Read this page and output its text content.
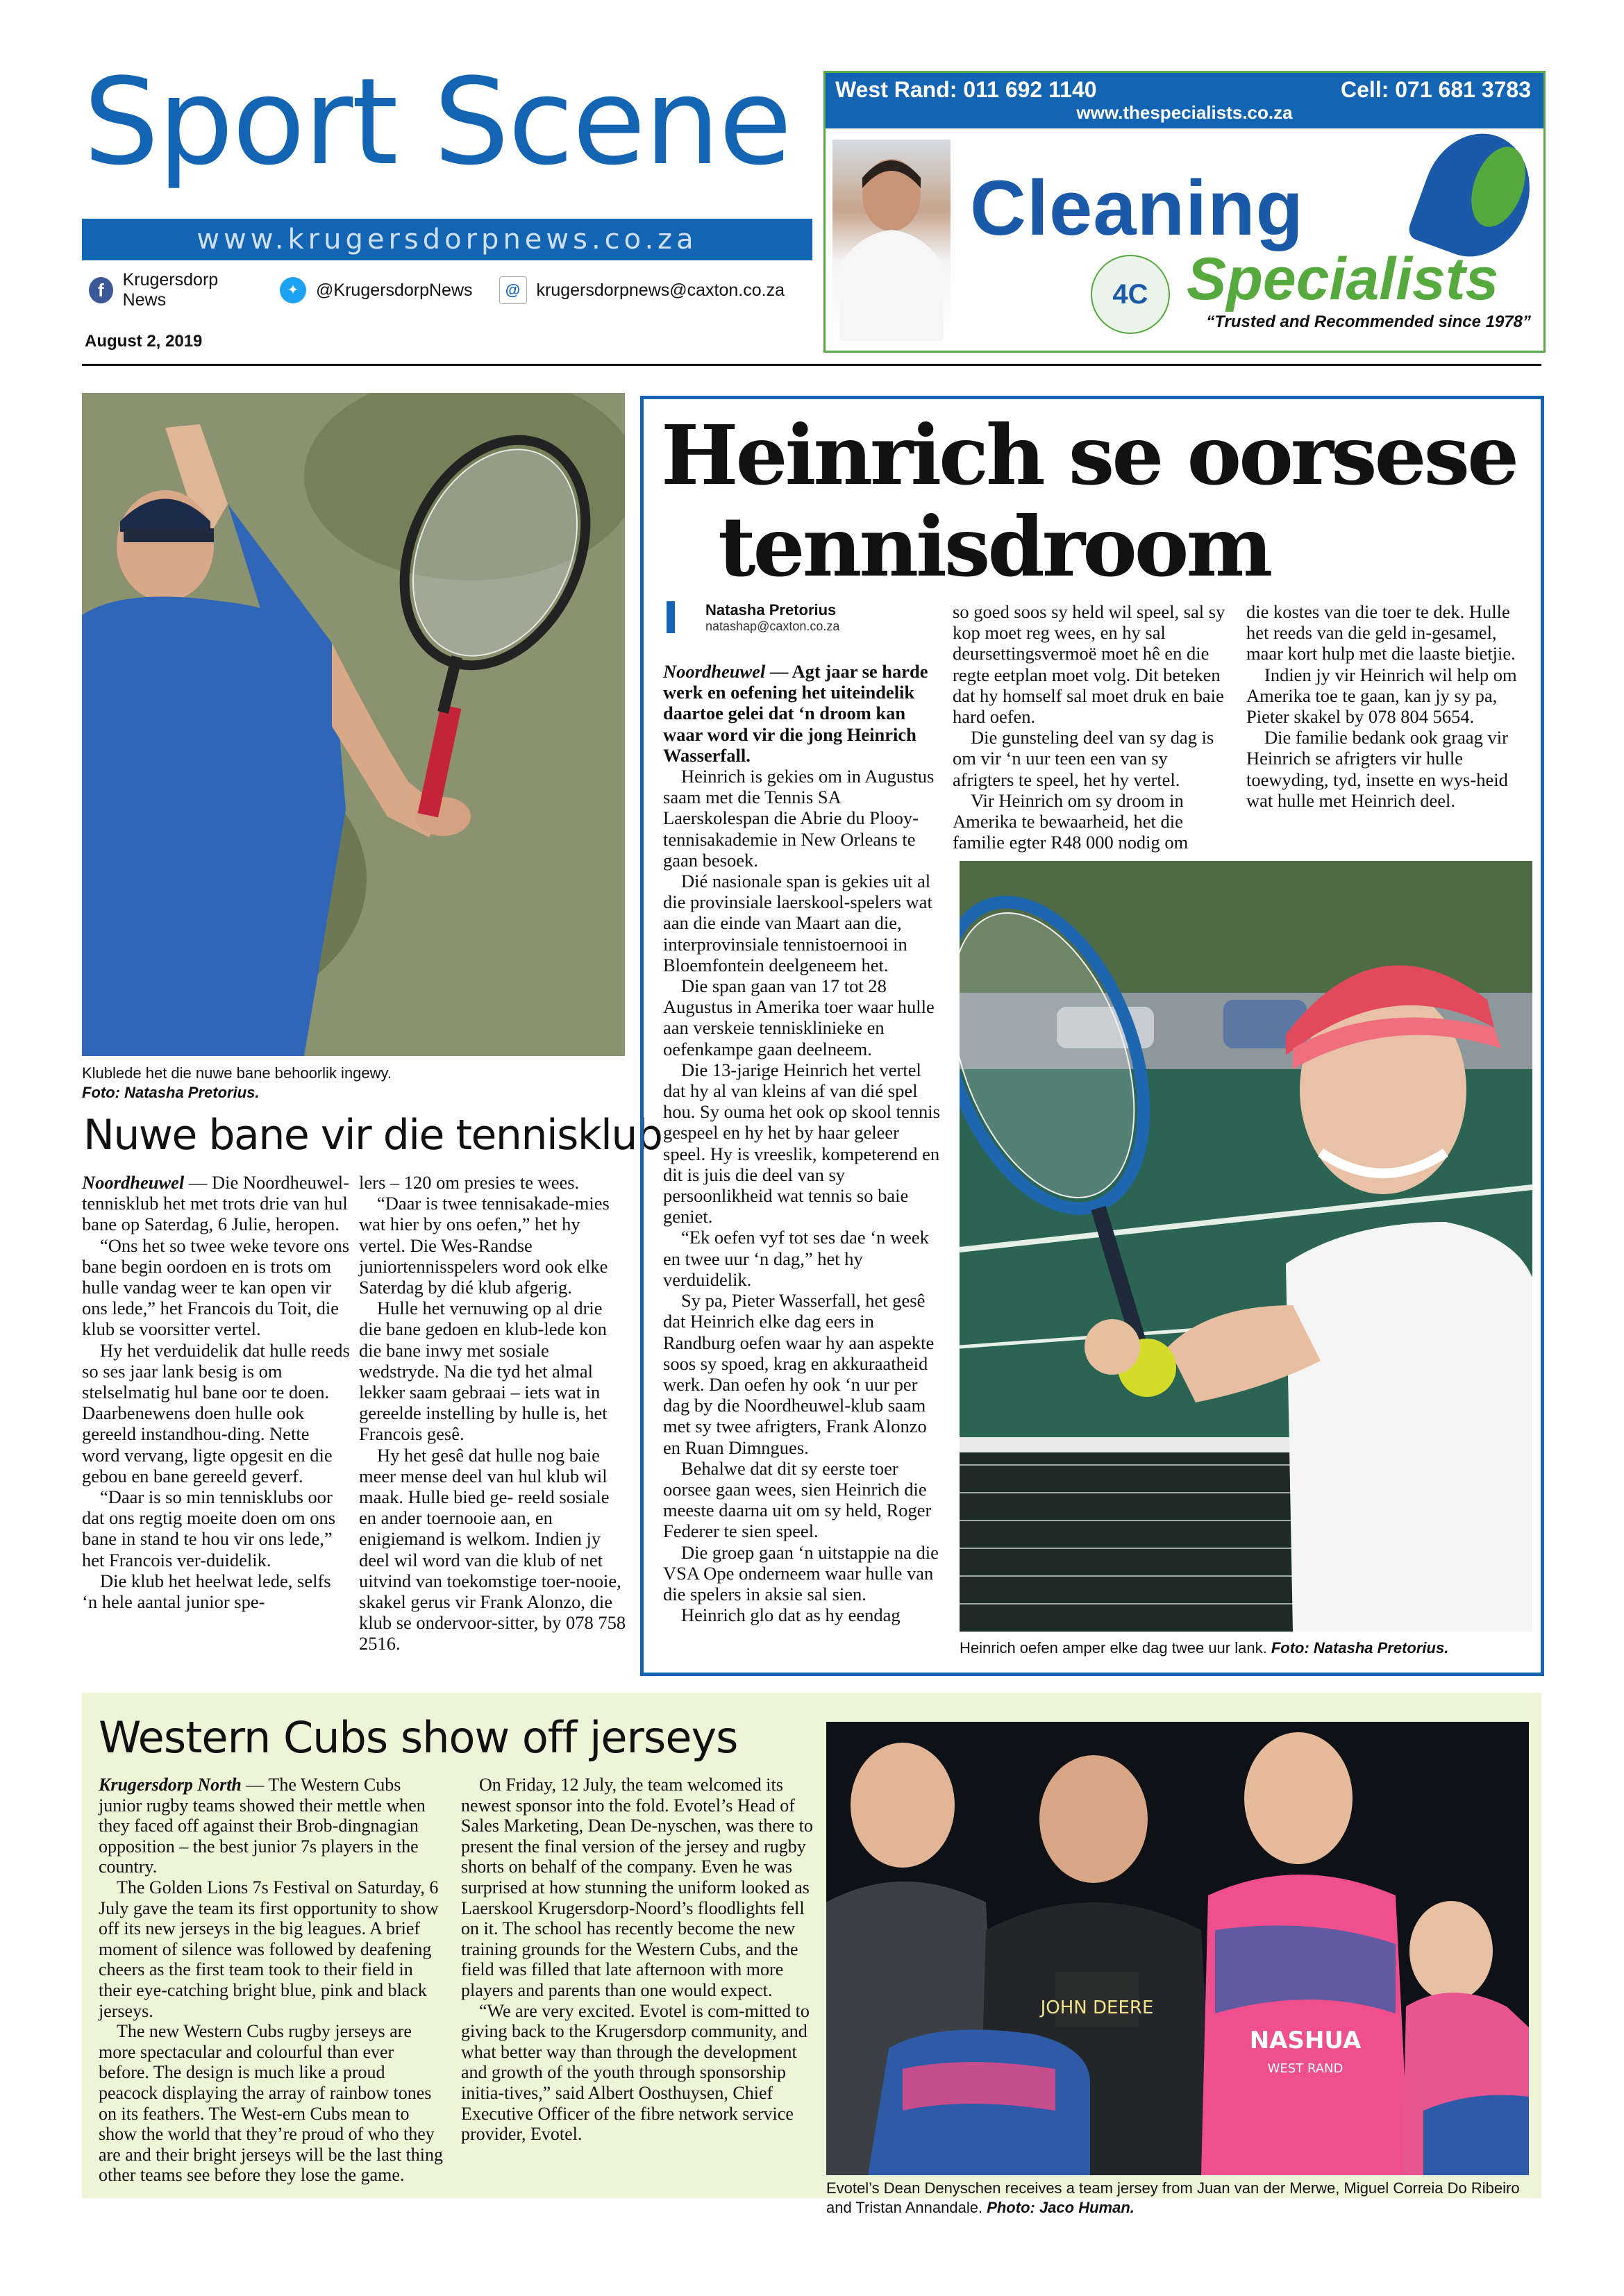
Sport Scene
www.krugersdorpnews.co.za
f	Krugersdorp News	✦ @KrugersdorpNews	@ krugersdorpnews@caxton.co.za
August 2, 2019
West Rand: 011 692 1140	Cell: 071 681 3783
www.thespecialists.co.za
Cleaning
4C Specialists
“Trusted and Recommended since 1978”
Klublede het die nuwe bane behoorlik ingewy.
Foto: Natasha Pretorius.
Nuwe bane vir die tennisklub

Noordheuwel — Die Noordheuwel-tennisklub het met trots drie van hul bane op Saterdag, 6 Julie, heropen.

“Ons het so twee weke tevore ons bane begin oordoen en is trots om hulle vandag weer te kan open vir ons lede,” het Francois du Toit, die klub se voorsitter vertel.

Hy het verduidelik dat hulle reeds so ses jaar lank besig is om stelselmatig hul bane oor te doen. Daarbenewens doen hulle ook gereeld instandhou-ding. Nette word vervang, ligte opgesit en die gebou en bane gereeld geverf.

“Daar is so min tennisklubs oor dat ons regtig moeite doen om ons bane in stand te hou vir ons lede,” het Francois ver-duidelik.

Die klub het heelwat lede, selfs ‘n hele aantal junior spe-

lers – 120 om presies te wees.

“Daar is twee tennisakade-mies wat hier by ons oefen,” het hy vertel. Die Wes-Randse juniortennisspelers word ook elke Saterdag by dié klub afgerig.

Hulle het vernuwing op al drie die bane gedoen en klub-lede kon die bane inwy met sosiale wedstryde. Na die tyd het almal lekker saam gebraai – iets wat in gereelde instelling by hulle is, het Francois gesê.

Hy het gesê dat hulle nog baie meer mense deel van hul klub wil maak. Hulle bied ge- reeld sosiale en ander toernooie aan, en enigiemand is welkom. Indien jy deel wil word van die klub of net uitvind van toekomstige toer-nooie, skakel gerus vir Frank Alonzo, die klub se ondervoor-sitter, by 078 758 2516.

Heinrich se oorsese
tennisdroom
Natasha Pretorius
natashap@caxton.co.za

Noordheuwel — Agt jaar se harde werk en oefening het uiteindelik daartoe gelei dat ‘n droom kan waar word vir die jong Heinrich Wasserfall.

Heinrich is gekies om in Augustus saam met die Tennis SA Laerskolespan die Abrie du Plooy-tennisakademie in New Orleans te gaan besoek.

Dié nasionale span is gekies uit al die provinsiale laerskool-spelers wat aan die einde van Maart aan die, interprovinsiale tennistoernooi in Bloemfontein deelgeneem het.

Die span gaan van 17 tot 28 Augustus in Amerika toer waar hulle aan verskeie tennisklinieke en oefenkampe gaan deelneem.

Die 13-jarige Heinrich het vertel dat hy al van kleins af van dié spel hou. Sy ouma het ook op skool tennis gespeel en hy het by haar geleer speel. Hy is vreeslik, kompeterend en dit is juis die deel van sy persoonlikheid wat tennis so baie geniet.

“Ek oefen vyf tot ses dae ‘n week en twee uur ‘n dag,” het hy verduidelik.

Sy pa, Pieter Wasserfall, het gesê dat Heinrich elke dag eers in Randburg oefen waar hy aan aspekte soos sy spoed, krag en akkuraatheid werk. Dan oefen hy ook ‘n uur per dag by die Noordheuwel-klub saam met sy twee afrigters, Frank Alonzo en Ruan Dimngues.

Behalwe dat dit sy eerste toer oorsee gaan wees, sien Heinrich die meeste daarna uit om sy held, Roger Federer te sien speel.

Die groep gaan ‘n uitstappie na die VSA Ope onderneem waar hulle van die spelers in aksie sal sien.

Heinrich glo dat as hy eendag

so goed soos sy held wil speel, sal sy kop moet reg wees, en hy sal deursettingsvermoë moet hê en die regte eetplan moet volg. Dit beteken dat hy homself sal moet druk en baie hard oefen.

Die gunsteling deel van sy dag is om vir ‘n uur teen een van sy afrigters te speel, het hy vertel.

Vir Heinrich om sy droom in Amerika te bewaarheid, het die familie egter R48 000 nodig om

die kostes van die toer te dek. Hulle het reeds van die geld in-gesamel, maar kort hulp met die laaste bietjie.

Indien jy vir Heinrich wil help om Amerika toe te gaan, kan jy sy pa, Pieter skakel by 078 804 5654.

Die familie bedank ook graag vir Heinrich se afrigters vir hulle toewyding, tyd, insette en wys-heid wat hulle met Heinrich deel.

Heinrich oefen amper elke dag twee uur lank. Foto: Natasha Pretorius.
Western Cubs show off jerseys

Krugersdorp North — The Western Cubs junior rugby teams showed their mettle when they faced off against their Brob-dingnagian opposition – the best junior 7s players in the country.

The Golden Lions 7s Festival on Saturday, 6 July gave the team its first opportunity to show off its new jerseys in the big leagues. A brief moment of silence was followed by deafening cheers as the first team took to their field in their eye-catching bright blue, pink and black jerseys.

The new Western Cubs rugby jerseys are more spectacular and colourful than ever before. The design is much like a proud peacock displaying the array of rainbow tones on its feathers. The West-ern Cubs mean to show the world that they’re proud of who they are and their bright jerseys will be the last thing other teams see before they lose the game.

On Friday, 12 July, the team welcomed its newest sponsor into the fold. Evotel’s Head of Sales Marketing, Dean De-nyschen, was there to present the final version of the jersey and rugby shorts on behalf of the company. Even he was surprised at how stunning the uniform looked as Laerskool Krugersdorp-Noord’s floodlights fell on it. The school has recently become the new training grounds for the Western Cubs, and the field was filled that late afternoon with more players and parents than one would expect.

“We are very excited. Evotel is com-mitted to giving back to the Krugersdorp community, and what better way than through the development and growth of the youth through sponsorship initia-tives,” said Albert Oosthuysen, Chief Executive Officer of the fibre network service provider, Evotel.

JOHN DEERE
NASHUA
WEST RAND
Evotel’s Dean Denyschen receives a team jersey from Juan van der Merwe, Miguel Correia Do Ribeiro and Tristan Annandale. Photo: Jaco Human.
